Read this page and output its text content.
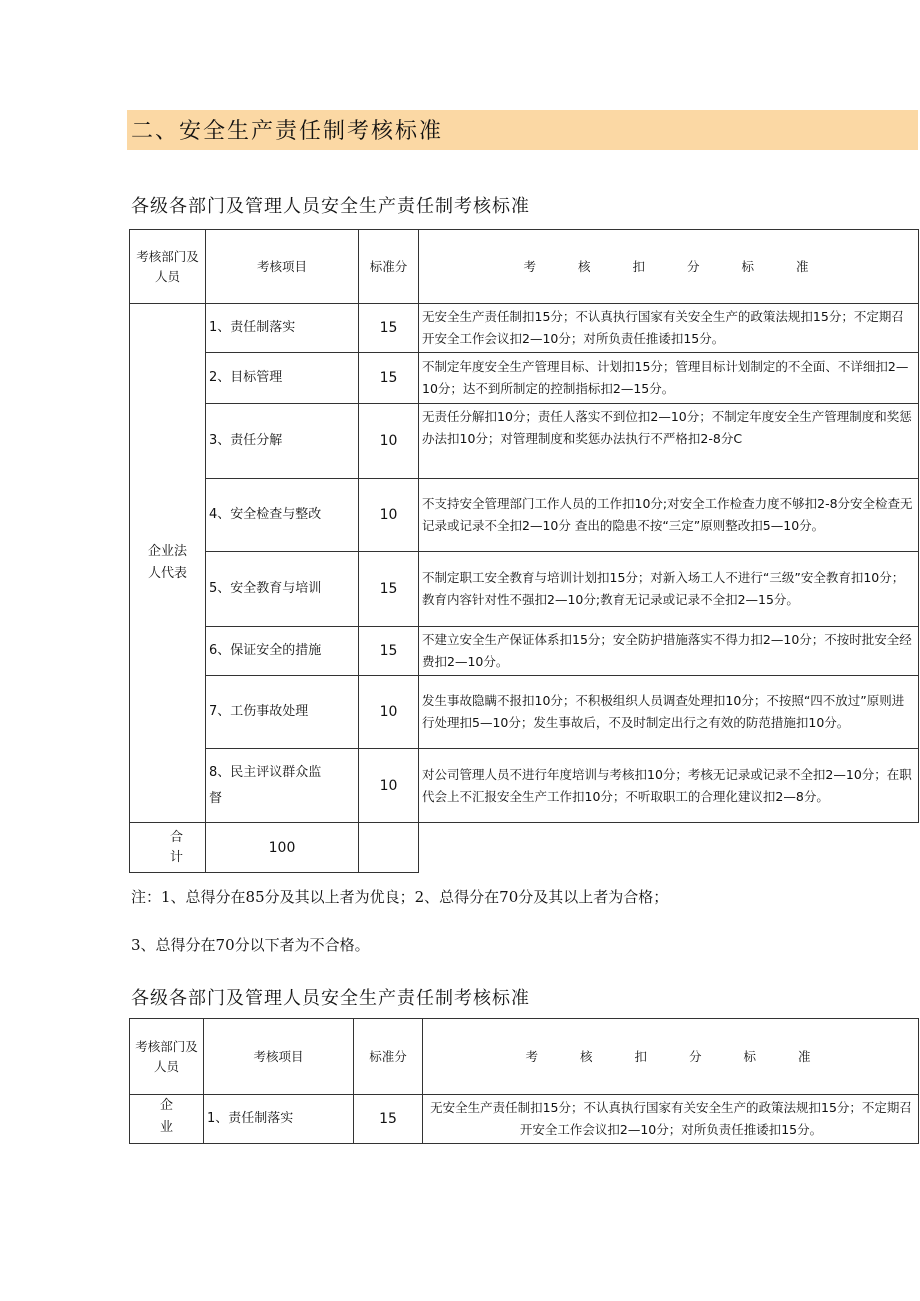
二、安全生产责任制考核标准
各级各部门及管理人员安全生产责任制考核标准
考核部门及人员	考核项目	标准分	考核扣分标准
企业法人代表	1、责任制落实	15	无安全生产责任制扣15分；不认真执行国家有关安全生产的政策法规扣15分；不定期召开安全工作会议扣2—10分；对所负责任推诿扣15分。
	2、目标管理	15	不制定年度安全生产管理目标、计划扣15分；管理目标计划制定的不全面、不详细扣2—10分；达不到所制定的控制指标扣2—15分。
	3、责任分解	10	无责任分解扣10分；责任人落实不到位扣2—10分；不制定年度安全生产管理制度和奖惩办法扣10分；对管理制度和奖惩办法执行不严格扣2-8分C
	4、安全检查与整改	10	不支持安全管理部门工作人员的工作扣10分;对安全工作检查力度不够扣2-8分安全检查无记录或记录不全扣2—10分 查出的隐患不按“三定”原则整改扣5—10分。
	5、安全教育与培训	15	不制定职工安全教育与培训计划扣15分；对新入场工人不进行“三级”安全教育扣10分；教育内容针对性不强扣2—10分;教育无记录或记录不全扣2—15分。
	6、保证安全的措施	15	不建立安全生产保证体系扣15分；安全防护措施落实不得力扣2—10分；不按时批安全经费扣2—10分。
	7、工伤事故处理	10	发生事故隐瞒不报扣10分；不积极组织人员调查处理扣10分；不按照“四不放过”原则进行处理扣5—10分；发生事故后，不及时制定出行之有效的防范措施扣10分。
	8、民主评议群众监督	10	对公司管理人员不进行年度培训与考核扣10分；考核无记录或记录不全扣2—10分；在职代会上不汇报安全生产工作扣10分；不听取职工的合理化建议扣2—8分。
合计	100		
注：1、总得分在85分及其以上者为优良；2、总得分在70分及其以上者为合格；
3、总得分在70分以下者为不合格。
各级各部门及管理人员安全生产责任制考核标准
考核部门及人员	考核项目	标准分	考核扣分标准
企业	1、责任制落实	15	无安全生产责任制扣15分；不认真执行国家有关安全生产的政策法规扣15分；不定期召开安全工作会议扣2—10分；对所负责任推诿扣15分。
